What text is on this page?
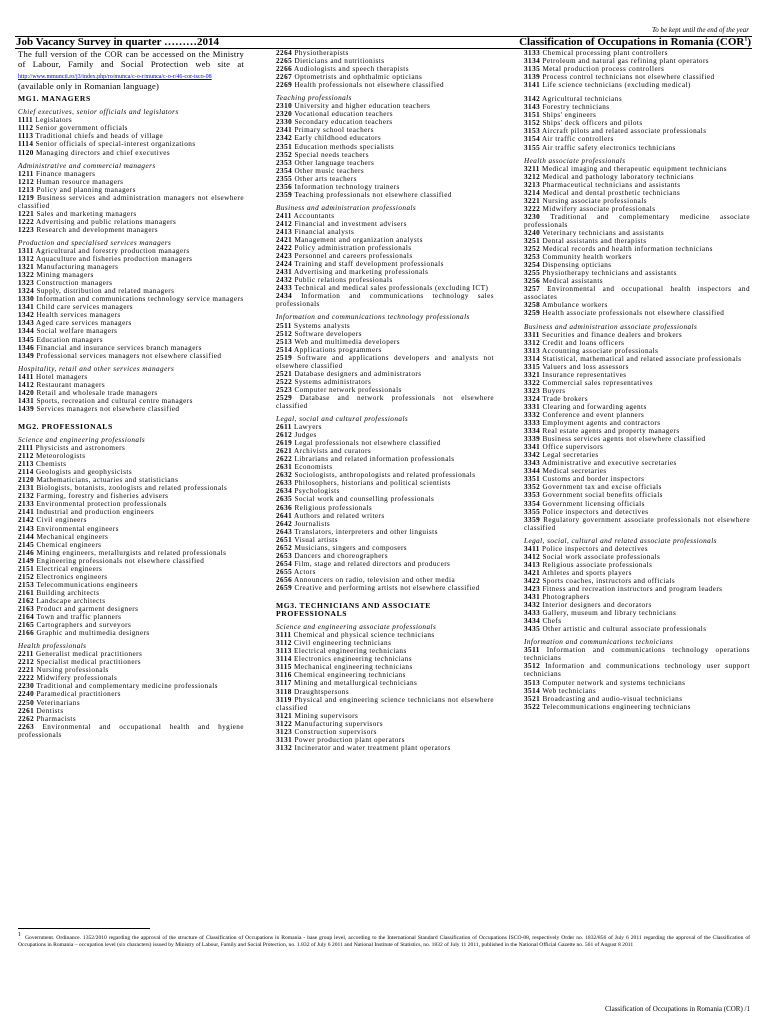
To be kept until the end of the year
Job Vacancy Survey in quarter ………2014	Classification of Occupations in Romania (COR$^1$)
The full version of the COR can be accessed on the Ministry of Labour, Family and Social Protection web site at http://www.mmuncii.ro/j3/index.php/ro/munca/c-o-r/munca/c-o-r/46-cor-isco-08 (available only in Romanian language)
MG1. MANAGERS
Chief executives, senior officials and legislators
1111 Legislators
1112 Senior government officials
1113 Traditional chiefs and heads of village
1114 Senior officials of special-interest organizations
1120 Managing directors and chief executives
Administrative and commercial managers
1211 Finance managers
1212 Human resource managers
1213 Policy and planning managers
1219 Business services and administration managers not elsewhere classified
1221 Sales and marketing managers
1222 Advertising and public relations managers
1223 Research and development managers
Production and specialised services managers
1311 Agricultural and forestry production managers
1312 Aquaculture and fisheries production managers
1321 Manufacturing managers
1322 Mining managers
1323 Construction managers
1324 Supply, distribution and related managers
1330 Information and communications technology service managers
1341 Child care services managers
1342 Health services managers
1343 Aged care services managers
1344 Social welfare managers
1345 Education managers
1346 Financial and insurance services branch managers
1349 Professional services managers not elsewhere classified
Hospitality, retail and other services managers
1411 Hotel managers
1412 Restaurant managers
1420 Retail and wholesale trade managers
1431 Sports, recreation and cultural centre managers
1439 Services managers not elsewhere classified
MG2. PROFESSIONALS
Science and engineering professionals
2111 Physicists and astronomers
2112 Meteorologists
2113 Chemists
2114 Geologists and geophysicists
2120 Mathematicians, actuaries and statisticians
2131 Biologists, botanists, zoologists and related professionals
2132 Farming, forestry and fisheries advisers
2133 Environmental protection professionals
2141 Industrial and production engineers
2142 Civil engineers
2143 Environmental engineers
2144 Mechanical engineers
2145 Chemical engineers
2146 Mining engineers, metallurgists and related professionals
2149 Engineering professionals not elsewhere classified
2151 Electrical engineers
2152 Electronics engineers
2153 Telecommunications engineers
2161 Building architects
2162 Landscape architects
2163 Product and garment designers
2164 Town and traffic planners
2165 Cartographers and surveyors
2166 Graphic and multimedia designers
Health professionals
2211 Generalist medical practitioners
2212 Specialist medical practitioners
2221 Nursing professionals
2222 Midwifery professionals
2230 Traditional and complementary medicine professionals
2240 Paramedical practitioners
2250 Veterinarians
2261 Dentists
2262 Pharmacists
2263 Environmental and occupational health and hygiene professionals
2264 Physiotherapists
2265 Dieticians and nutritionists
2266 Audiologists and speech therapists
2267 Optometrists and ophthalmic opticians
2269 Health professionals not elsewhere classified
Teaching professionals
2310 University and higher education teachers
2320 Vocational education teachers
2330 Secondary education teachers
2341 Primary school teachers
2342 Early childhood educators
2351 Education methods specialists
2352 Special needs teachers
2353 Other language teachers
2354 Other music teachers
2355 Other arts teachers
2356 Information technology trainers
2359 Teaching professionals not elsewhere classified
Business and administration professionals
2411 Accountants
2412 Financial and investment advisers
2413 Financial analysts
2421 Management and organization analysts
2422 Policy administration professionals
2423 Personnel and careers professionals
2424 Training and staff development professionals
2431 Advertising and marketing professionals
2432 Public relations professionals
2433 Technical and medical sales professionals (excluding ICT)
2434 Information and communications technology sales professionals
Information and communications technology professionals
2511 Systems analysts
2512 Software developers
2513 Web and multimedia developers
2514 Applications programmers
2519 Software and applications developers and analysts not elsewhere classified
2521 Database designers and administrators
2522 Systems administrators
2523 Computer network professionals
2529 Database and network professionals not elsewhere classified
Legal, social and cultural professionals
2611 Lawyers
2612 Judges
2619 Legal professionals not elsewhere classified
2621 Archivists and curators
2622 Librarians and related information professionals
2631 Economists
2632 Sociologists, anthropologists and related professionals
2633 Philosophers, historians and political scientists
2634 Psychologists
2635 Social work and counselling professionals
2636 Religious professionals
2641 Authors and related writers
2642 Journalists
2643 Translators, interpreters and other linguists
2651 Visual artists
2652 Musicians, singers and composers
2653 Dancers and choreographers
2654 Film, stage and related directors and producers
2655 Actors
2656 Announcers on radio, television and other media
2659 Creative and performing artists not elsewhere classified
MG3. TECHNICIANS AND ASSOCIATE PROFESSIONALS
Science and engineering associate professionals
3111 Chemical and physical science technicians
3112 Civil engineering technicians
3113 Electrical engineering technicians
3114 Electronics engineering technicians
3115 Mechanical engineering technicians
3116 Chemical engineering technicians
3117 Mining and metallurgical technicians
3118 Draughtspersons
3119 Physical and engineering science technicians not elsewhere classified
3121 Mining supervisors
3122 Manufacturing supervisors
3123 Construction supervisors
3131 Power production plant operators
3132 Incinerator and water treatment plant operators
3133 Chemical processing plant controllers
3134 Petroleum and natural gas refining plant operators
3135 Metal production process controllers
3139 Process control technicians not elsewhere classified
3141 Life science technicians (excluding medical)
3142 Agricultural technicians
3143 Forestry technicians
3151 Ships' engineers
3152 Ships' deck officers and pilots
3153 Aircraft pilots and related associate professionals
3154 Air traffic controllers
3155 Air traffic safety electronics technicians
Health associate professionals
3211 Medical imaging and therapeutic equipment technicians
3212 Medical and pathology laboratory technicians
3213 Pharmaceutical technicians and assistants
3214 Medical and dental prosthetic technicians
3221 Nursing associate professionals
3222 Midwifery associate professionals
3230 Traditional and complementary medicine associate professionals
3240 Veterinary technicians and assistants
3251 Dental assistants and therapists
3252 Medical records and health information technicians
3253 Community health workers
3254 Dispensing opticians
3255 Physiotherapy technicians and assistants
3256 Medical assistants
3257 Environmental and occupational health inspectors and associates
3258 Ambulance workers
3259 Health associate professionals not elsewhere classified
Business and administration associate professionals
3311 Securities and finance dealers and brokers
3312 Credit and loans officers
3313 Accounting associate professionals
3314 Statistical, mathematical and related associate professionals
3315 Valuers and loss assessors
3321 Insurance representatives
3322 Commercial sales representatives
3323 Buyers
3324 Trade brokers
3331 Clearing and forwarding agents
3332 Conference and event planners
3333 Employment agents and contractors
3334 Real estate agents and property managers
3339 Business services agents not elsewhere classified
3341 Office supervisors
3342 Legal secretaries
3343 Administrative and executive secretaries
3344 Medical secretaries
3351 Customs and border inspectors
3352 Government tax and excise officials
3353 Government social benefits officials
3354 Government licensing officials
3355 Police inspectors and detectives
3359 Regulatory government associate professionals not elsewhere classified
Legal, social, cultural and related associate professionals
3411 Police inspectors and detectives
3412 Social work associate professionals
3413 Religious associate professionals
3421 Athletes and sports players
3422 Sports coaches, instructors and officials
3423 Fitness and recreation instructors and program leaders
3431 Photographers
3432 Interior designers and decorators
3433 Gallery, museum and library technicians
3434 Chefs
3435 Other artistic and cultural associate professionals
Information and communications technicians
3511 Information and communications technology operations technicians
3512 Information and communications technology user support technicians
3513 Computer network and systems technicians
3514 Web technicians
3521 Broadcasting and audio-visual technicians
3522 Telecommunications engineering technicians
$^1$ Government. Ordinance. 1352/2010 regarding the approval of the structure of Classification of Occupations in Romania - base group level, according to the International Standard Classification of Occupations ISCO-08, respectively Order no. 1832/856 of July 6 2011 regarding the approval of the Classification of Occupations in Romania – occupation level (six characters) issued by Ministry of Labour, Family and Social Protection, no. 1.832 of July 6 2011 and National Institute of Statistics, no. 1832 of July 11 2011, published in the National Official Gazette no. 561 of August 8 2011
Classification of Occupations in Romania (COR) /1
